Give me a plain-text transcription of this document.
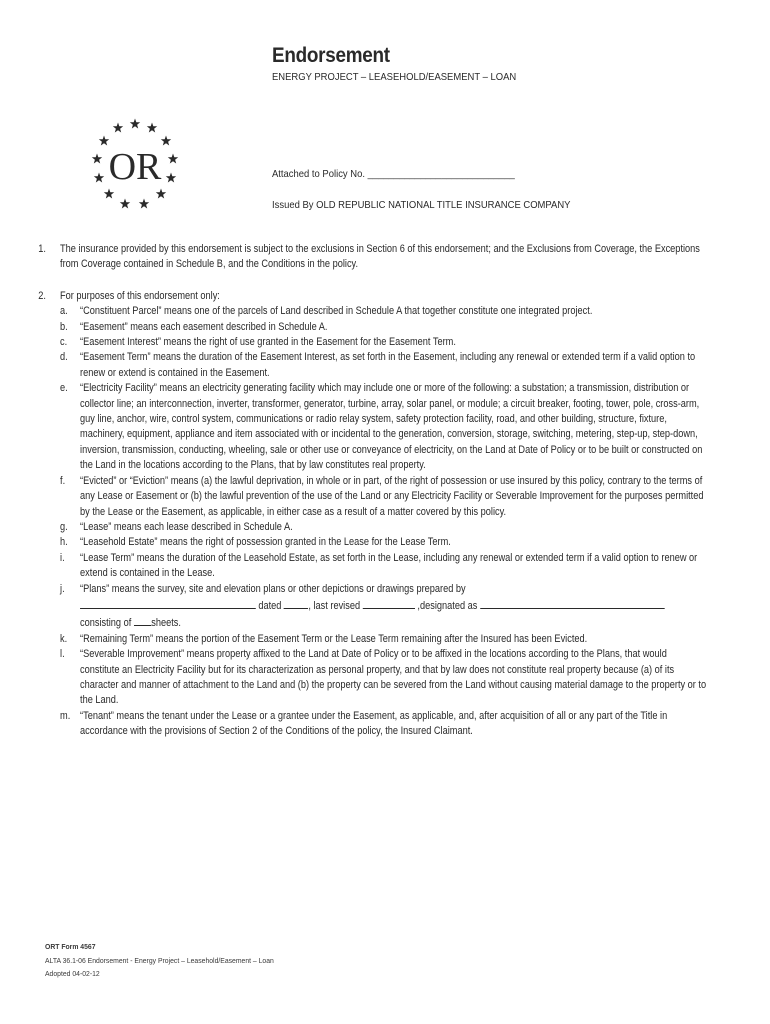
Endorsement
ENERGY PROJECT – LEASEHOLD/EASEMENT – LOAN
OR	Attached to Policy No. ____________________________
Issued By OLD REPUBLIC NATIONAL TITLE INSURANCE COMPANY
1. The insurance provided by this endorsement is subject to the exclusions in Section 6 of this endorsement; and the Exclusions from Coverage, the Exceptions from Coverage contained in Schedule B, and the Conditions in the policy.
2. For purposes of this endorsement only:
a. “Constituent Parcel” means one of the parcels of Land described in Schedule A that together constitute one integrated project.
b. “Easement” means each easement described in Schedule A.
c. “Easement Interest” means the right of use granted in the Easement for the Easement Term.
d. “Easement Term” means the duration of the Easement Interest, as set forth in the Easement, including any renewal or extended term if a valid option to renew or extend is contained in the Easement.
e. “Electricity Facility” means an electricity generating facility which may include one or more of the following: a substation; a transmission, distribution or collector line; an interconnection, inverter, transformer, generator, turbine, array, solar panel, or module; a circuit breaker, footing, tower, pole, cross-arm, guy line, anchor, wire, control system, communications or radio relay system, safety protection facility, road, and other building, structure, fixture, machinery, equipment, appliance and item associated with or incidental to the generation, conversion, storage, switching, metering, step-up, step-down, inversion, transmission, conducting, wheeling, sale or other use or conveyance of electricity, on the Land at Date of Policy or to be built or constructed on the Land in the locations according to the Plans, that by law constitutes real property.
f. “Evicted” or “Eviction” means (a) the lawful deprivation, in whole or in part, of the right of possession or use insured by this policy, contrary to the terms of any Lease or Easement or (b) the lawful prevention of the use of the Land or any Electricity Facility or Severable Improvement for the purposes permitted by the Lease or the Easement, as applicable, in either case as a result of a matter covered by this policy.
g. “Lease” means each lease described in Schedule A.
h. “Leasehold Estate” means the right of possession granted in the Lease for the Lease Term.
i. “Lease Term” means the duration of the Leasehold Estate, as set forth in the Lease, including any renewal or extended term if a valid option to renew or extend is contained in the Lease.
j. “Plans” means the survey, site and elevation plans or other depictions or drawings prepared by
dated	, last revised	,designated as
consisting of sheets.
k. “Remaining Term” means the portion of the Easement Term or the Lease Term remaining after the Insured has been Evicted.
l. “Severable Improvement” means property affixed to the Land at Date of Policy or to be affixed in the locations according to the Plans, that would constitute an Electricity Facility but for its characterization as personal property, and that by law does not constitute real property because (a) of its character and manner of attachment to the Land and (b) the property can be severed from the Land without causing material damage to the property or to the Land.
m. “Tenant” means the tenant under the Lease or a grantee under the Easement, as applicable, and, after acquisition of all or any part of the Title in accordance with the provisions of Section 2 of the Conditions of the policy, the Insured Claimant.
ORT Form 4567
ALTA 36.1-06 Endorsement - Energy Project – Leasehold/Easement – Loan
Adopted 04-02-12
